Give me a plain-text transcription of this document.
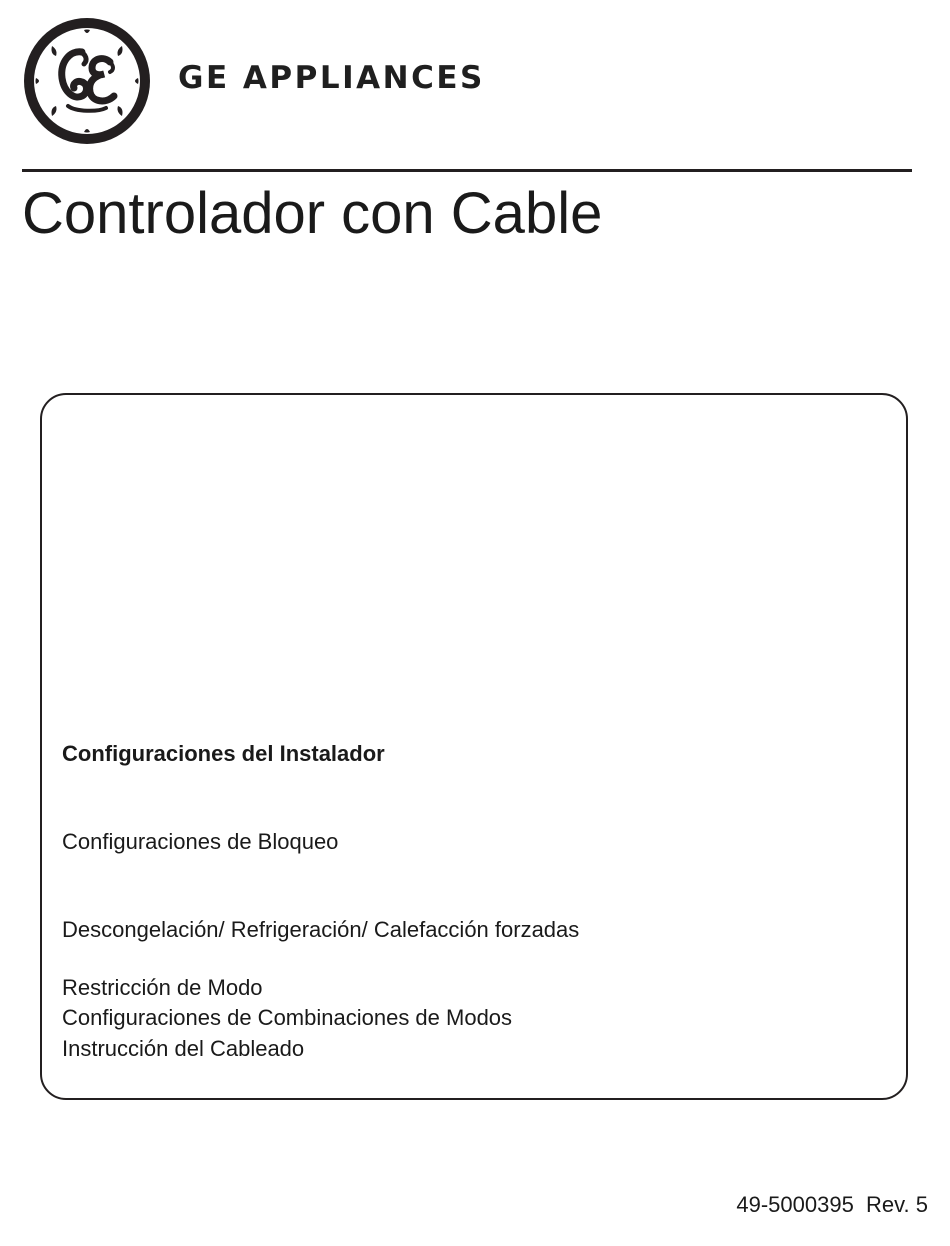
GE APPLIANCES
Controlador con Cable
Configuraciones del Instalador
Configuraciones de Bloqueo
Descongelación/ Refrigeración/ Calefacción forzadas
Restricción de Modo
Configuraciones de Combinaciones de Modos
Instrucción del Cableado
49-5000395  Rev. 5
